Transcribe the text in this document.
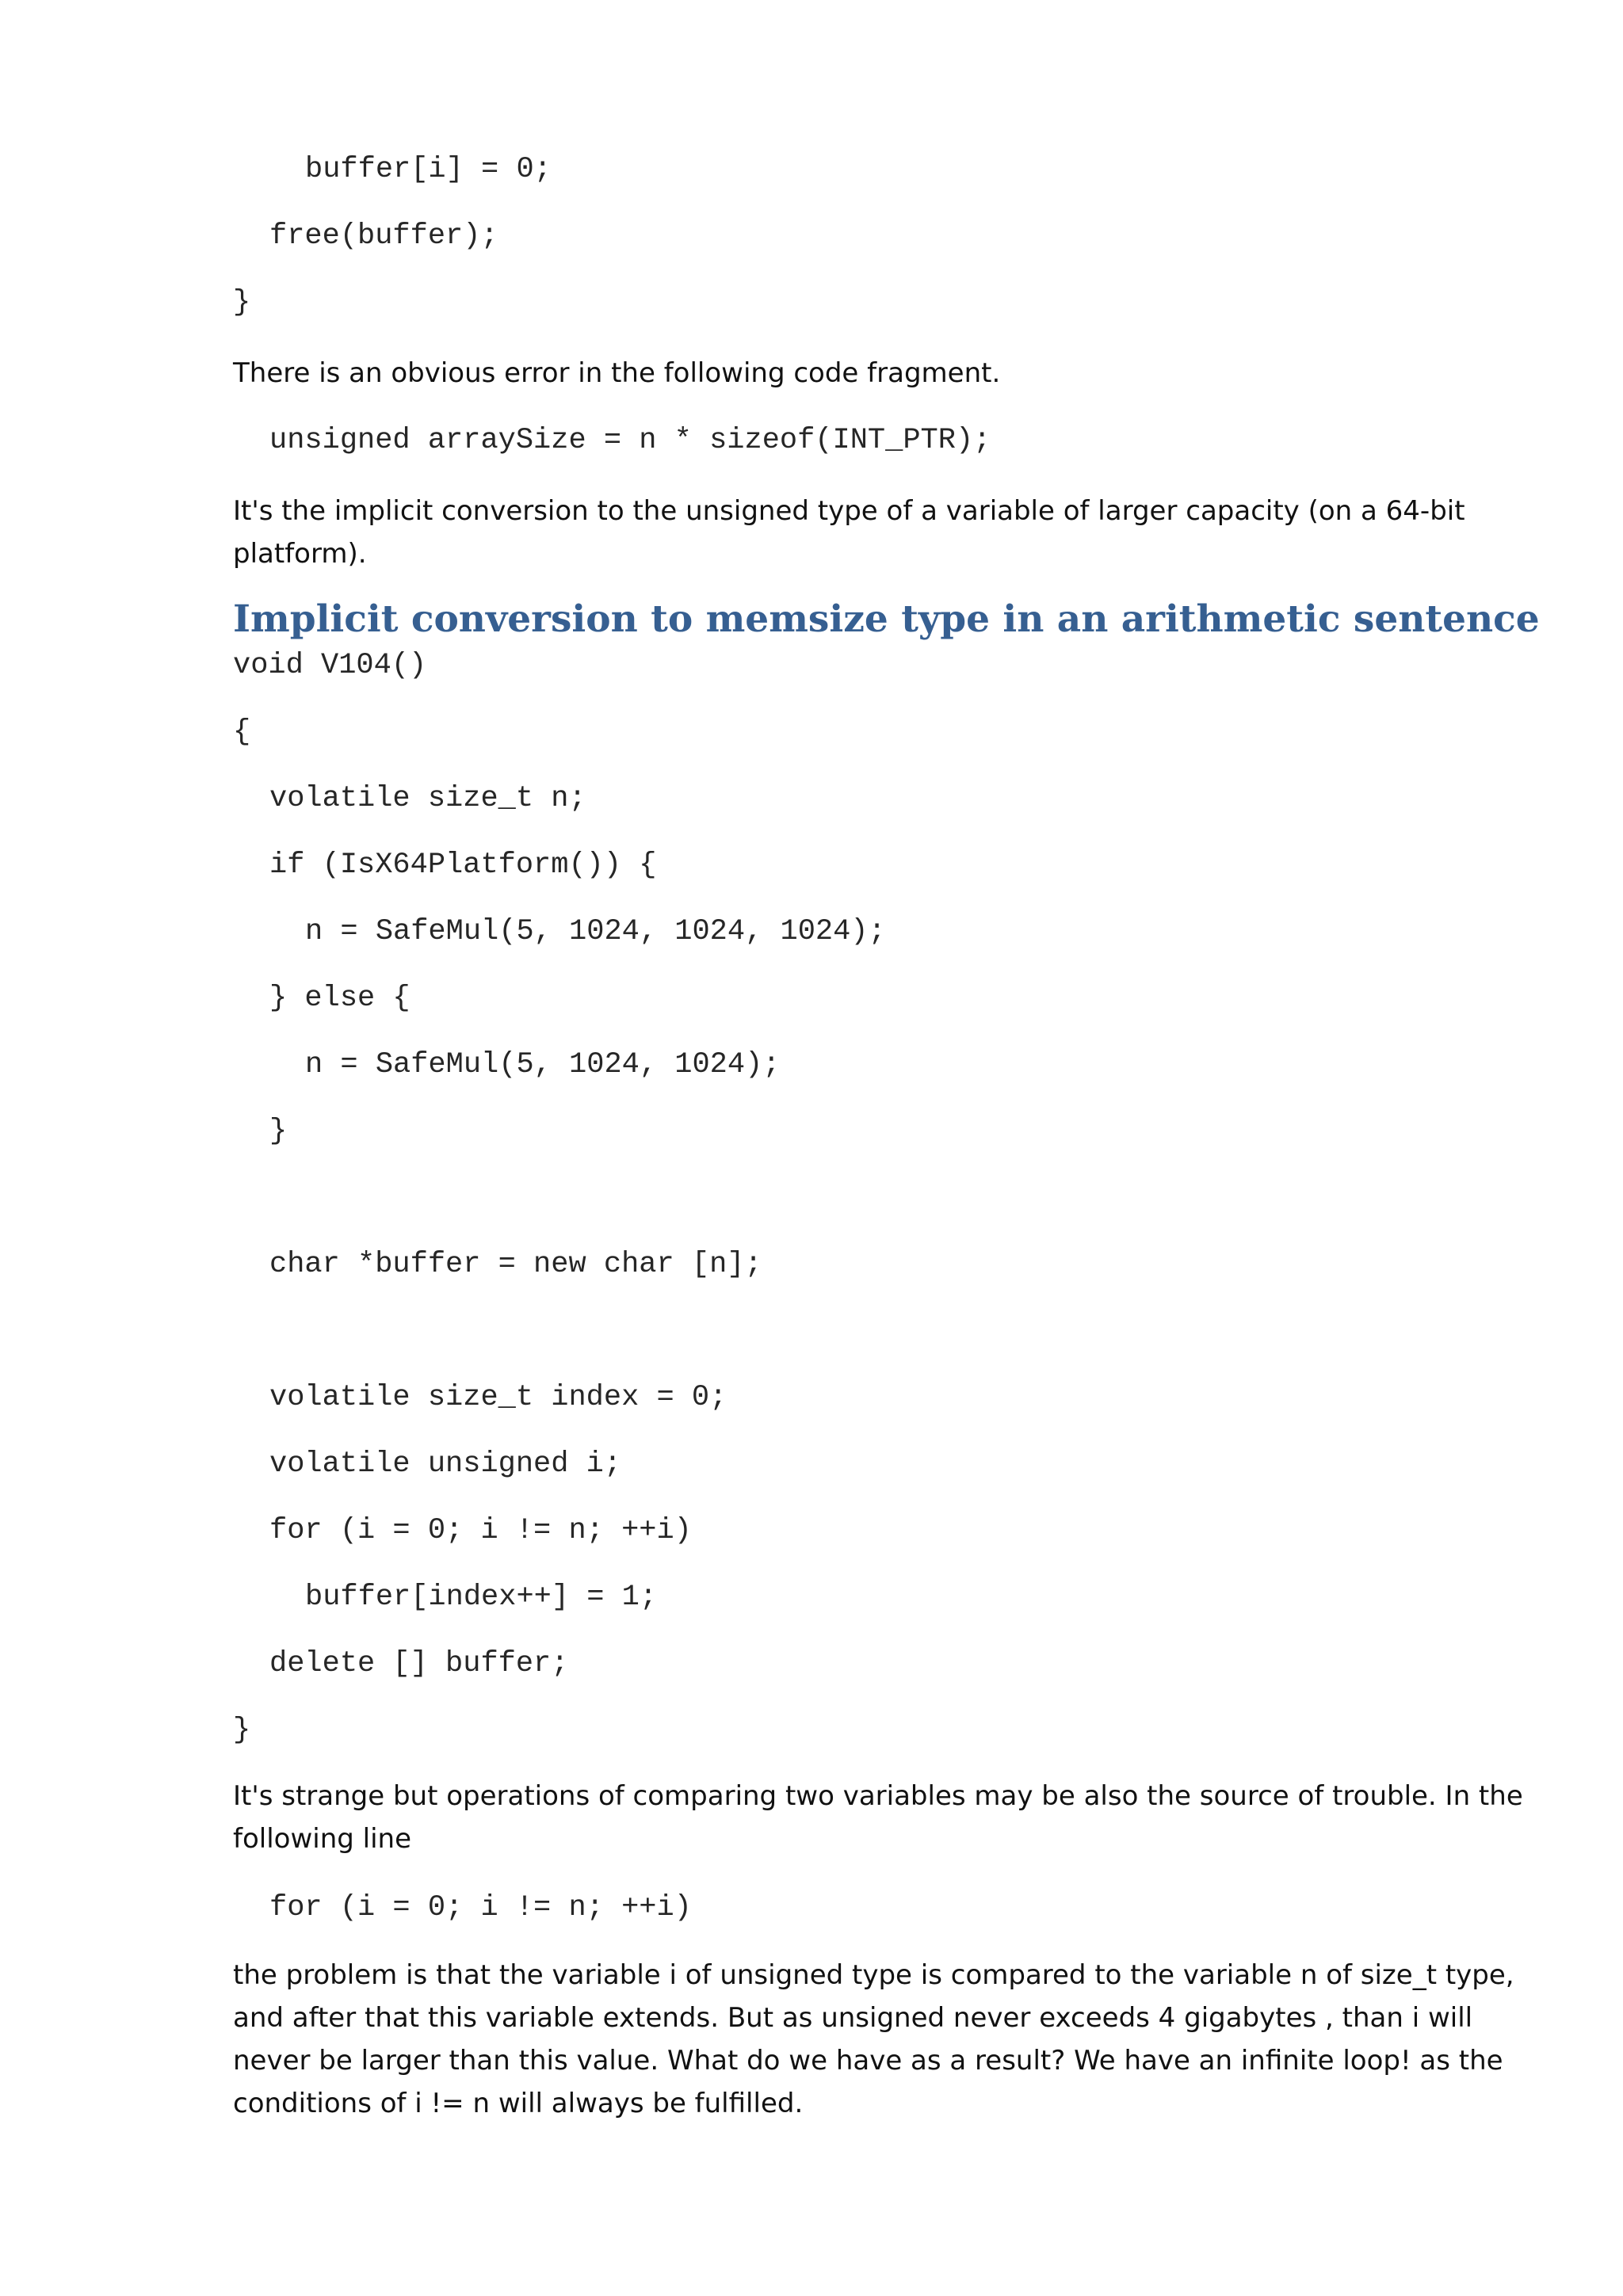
buffer[i] = 0;
free(buffer);
}

There is an obvious error in the following code fragment.

unsigned arraySize = n * sizeof(INT_PTR);

It's the implicit conversion to the unsigned type of a variable of larger capacity (on a 64-bit platform).

Implicit conversion to memsize type in an arithmetic sentence
void V104()
{
volatile size_t n;
if (IsX64Platform()) {
n = SafeMul(5, 1024, 1024, 1024);
} else {
n = SafeMul(5, 1024, 1024);
}
char *buffer = new char [n];
volatile size_t index = 0;
volatile unsigned i;
for (i = 0; i != n; ++i)
buffer[index++] = 1;
delete [] buffer;
}

It's strange but operations of comparing two variables may be also the source of trouble. In the following line

for (i = 0; i != n; ++i)

the problem is that the variable i of unsigned type is compared to the variable n of size_t type, and after that this variable extends. But as unsigned never exceeds 4 gigabytes , than i will never be larger than this value. What do we have as a result? We have an infinite loop! as the conditions of i != n will always be fulfilled.
